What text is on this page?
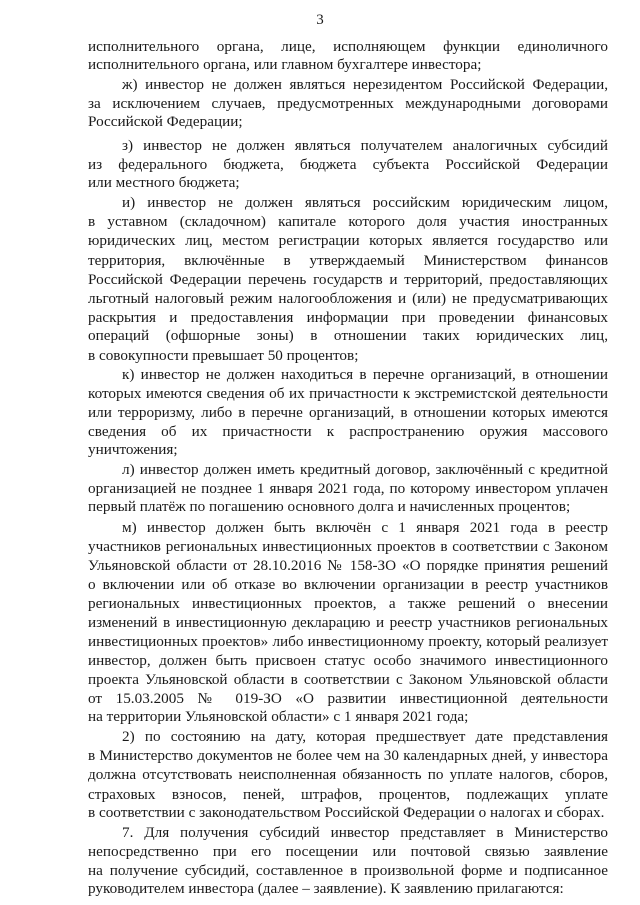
3
исполнительного органа, лице, исполняющем функции единоличного
исполнительного органа, или главном бухгалтере инвестора;
ж) инвестор не должен являться нерезидентом Российской Федерации,
за исключением случаев, предусмотренных международными договорами
Российской Федерации;
з) инвестор не должен являться получателем аналогичных субсидий
из федерального бюджета, бюджета субъекта Российской Федерации
или местного бюджета;
и) инвестор не должен являться российским юридическим лицом,
в уставном (складочном) капитале которого доля участия иностранных
юридических лиц, местом регистрации которых является государство или
территория, включённые в утверждаемый Министерством финансов
Российской Федерации перечень государств и территорий, предоставляющих
льготный налоговый режим налогообложения и (или) не предусматривающих
раскрытия и предоставления информации при проведении финансовых
операций (офшорные зоны) в отношении таких юридических лиц,
в совокупности превышает 50 процентов;
к) инвестор не должен находиться в перечне организаций, в отношении
которых имеются сведения об их причастности к экстремистской деятельности
или терроризму, либо в перечне организаций, в отношении которых имеются
сведения об их причастности к распространению оружия массового
уничтожения;
л) инвестор должен иметь кредитный договор, заключённый с кредитной
организацией не позднее 1 января 2021 года, по которому инвестором уплачен
первый платёж по погашению основного долга и начисленных процентов;
м) инвестор должен быть включён с 1 января 2021 года в реестр
участников региональных инвестиционных проектов в соответствии с Законом
Ульяновской области от 28.10.2016 № 158-ЗО «О порядке принятия решений
о включении или об отказе во включении организации в реестр участников
региональных инвестиционных проектов, а также решений о внесении
изменений в инвестиционную декларацию и реестр участников региональных
инвестиционных проектов» либо инвестиционному проекту, который реализует
инвестор, должен быть присвоен статус особо значимого инвестиционного
проекта Ульяновской области в соответствии с Законом Ульяновской области
от 15.03.2005 № 019-ЗО «О развитии инвестиционной деятельности
на территории Ульяновской области» с 1 января 2021 года;
2) по состоянию на дату, которая предшествует дате представления
в Министерство документов не более чем на 30 календарных дней, у инвестора
должна отсутствовать неисполненная обязанность по уплате налогов, сборов,
страховых взносов, пеней, штрафов, процентов, подлежащих уплате
в соответствии с законодательством Российской Федерации о налогах и сборах.
7. Для получения субсидий инвестор представляет в Министерство
непосредственно при его посещении или почтовой связью заявление
на получение субсидий, составленное в произвольной форме и подписанное
руководителем инвестора (далее – заявление). К заявлению прилагаются:
